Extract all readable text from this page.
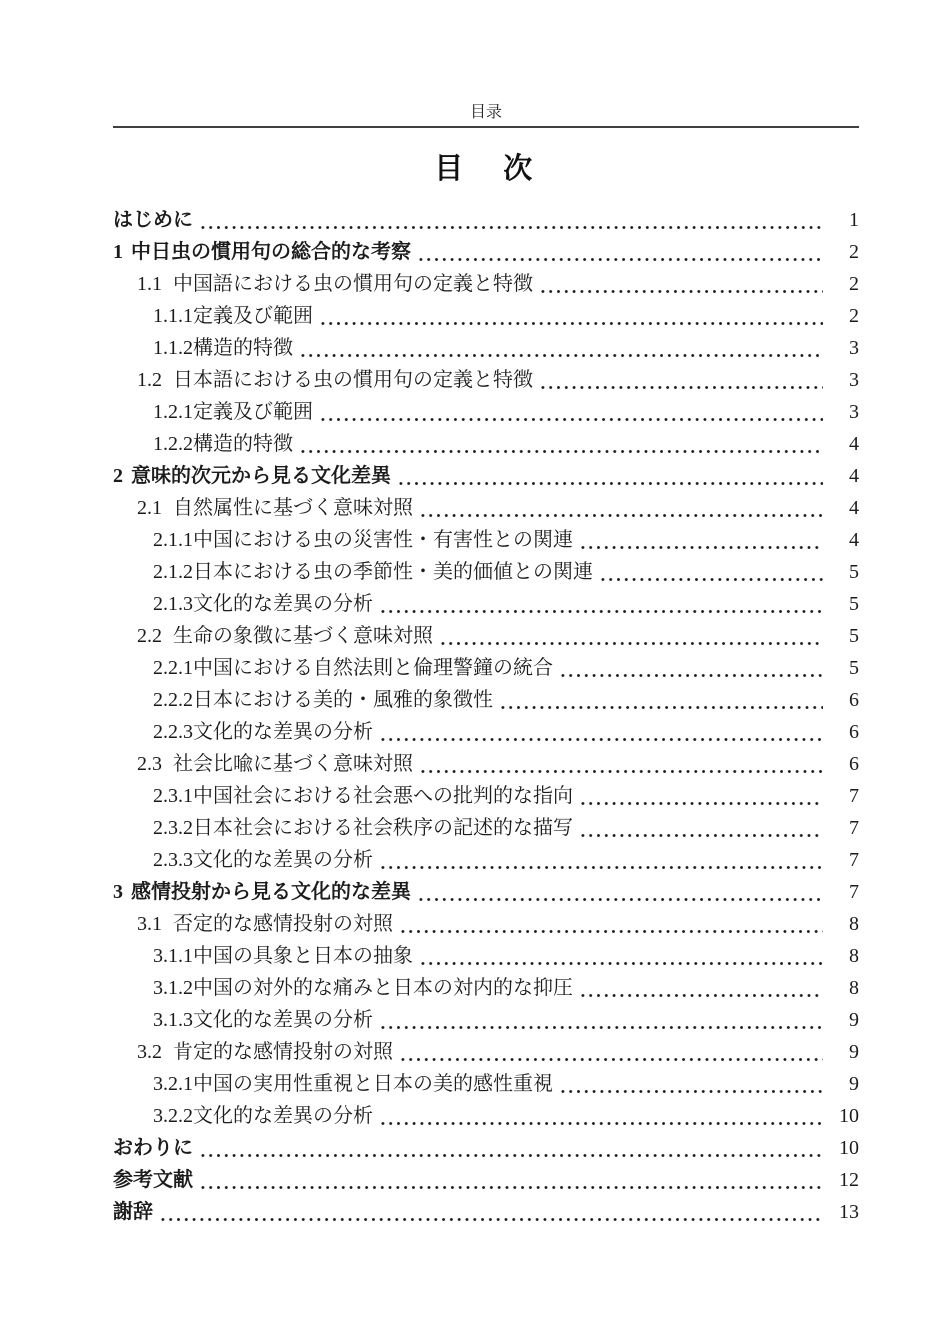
目录
目　次
はじめに	1
1 中日虫の慣用句の総合的な考察	2
1.1 中国語における虫の慣用句の定義と特徴	2
1.1.1 定義及び範囲	2
1.1.2 構造的特徴	3
1.2 日本語における虫の慣用句の定義と特徴	3
1.2.1 定義及び範囲	3
1.2.2 構造的特徴	4
2 意味的次元から見る文化差異	4
2.1 自然属性に基づく意味対照	4
2.1.1 中国における虫の災害性・有害性との関連	4
2.1.2 日本における虫の季節性・美的価値との関連	5
2.1.3 文化的な差異の分析	5
2.2 生命の象徴に基づく意味対照	5
2.2.1 中国における自然法則と倫理警鐘の統合	5
2.2.2 日本における美的・風雅的象徴性	6
2.2.3 文化的な差異の分析	6
2.3 社会比喩に基づく意味対照	6
2.3.1 中国社会における社会悪への批判的な指向	7
2.3.2 日本社会における社会秩序の記述的な描写	7
2.3.3 文化的な差異の分析	7
3 感情投射から見る文化的な差異	7
3.1 否定的な感情投射の対照	8
3.1.1 中国の具象と日本の抽象	8
3.1.2 中国の対外的な痛みと日本の対内的な抑圧	8
3.1.3 文化的な差異の分析	9
3.2 肯定的な感情投射の対照	9
3.2.1 中国の実用性重視と日本の美的感性重視	9
3.2.2 文化的な差異の分析	10
おわりに	10
参考文献	12
謝辞	13
